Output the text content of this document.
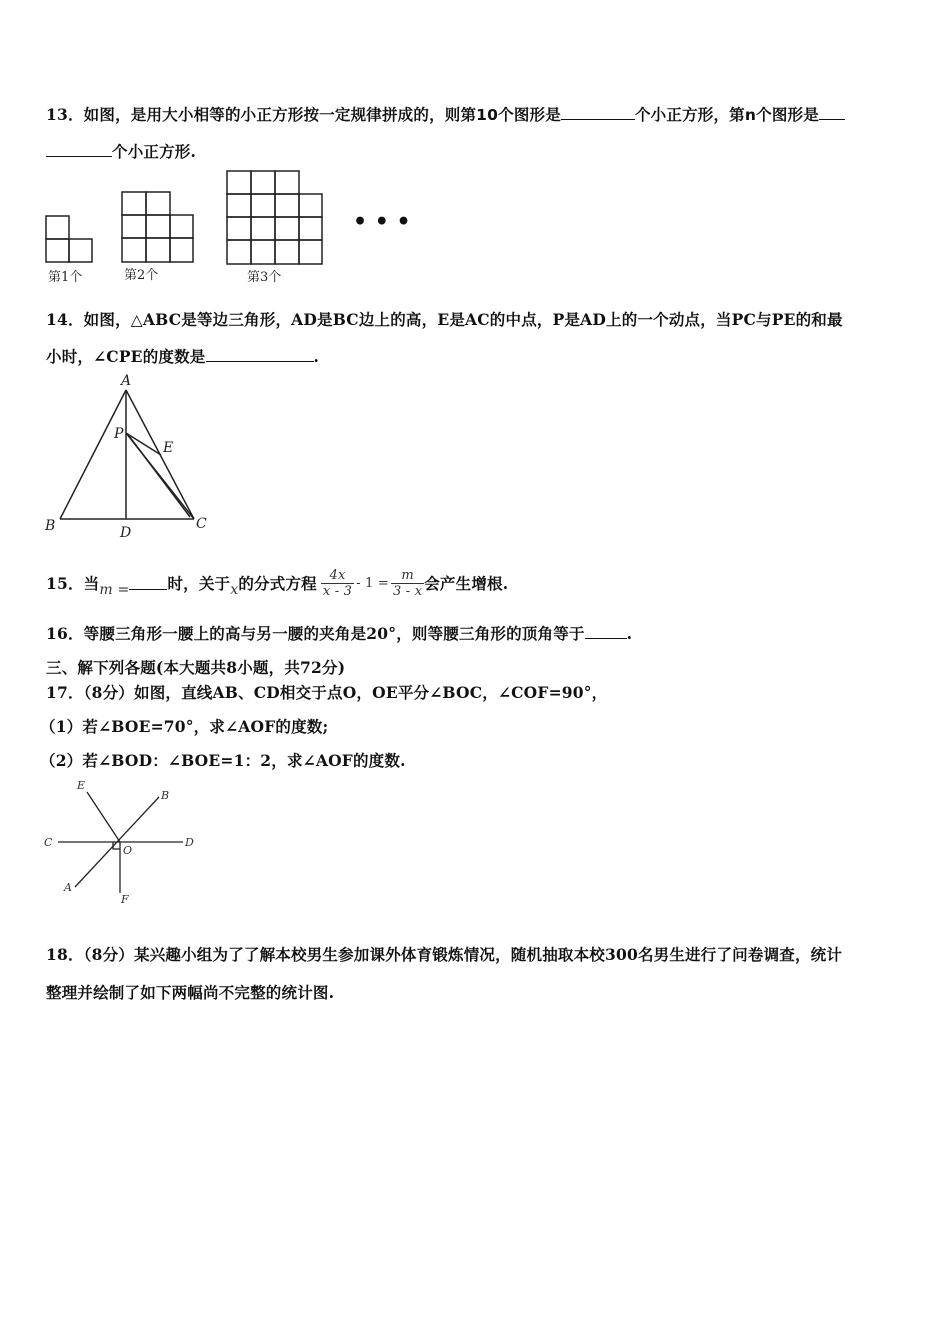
13．如图，是用大小相等的小正方形按一定规律拼成的，则第10个图形是	个小正方形，第n个图形是
个小正方形.
• • •
第1个	第2个	第3个
14．如图，△ABC是等边三角形，AD是BC边上的高，E是AC的中点，P是AD上的一个动点，当PC与PE的和最
小时，∠CPE的度数是	.
A
P
E
B	D
C
15．当 m = 时，关于 x 的分式方程 $\frac{4x}{x - 3} - 1 = \frac{m}{3 - x}$ 会产生增根.
16．等腰三角形一腰上的高与另一腰的夹角是20°，则等腰三角形的顶角等于	.
三、解下列各题(本大题共8小题，共72分)
17．（8分）如图，直线AB、CD相交于点O，OE平分∠BOC，∠COF=90°，
（1）若∠BOE=70°，求∠AOF的度数;
（2）若∠BOD：∠BOE=1：2，求∠AOF的度数.
E
B
C
O
D
A
F
18．（8分）某兴趣小组为了了解本校男生参加课外体育锻炼情况，随机抽取本校300名男生进行了问卷调查，统计
整理并绘制了如下两幅尚不完整的统计图.
